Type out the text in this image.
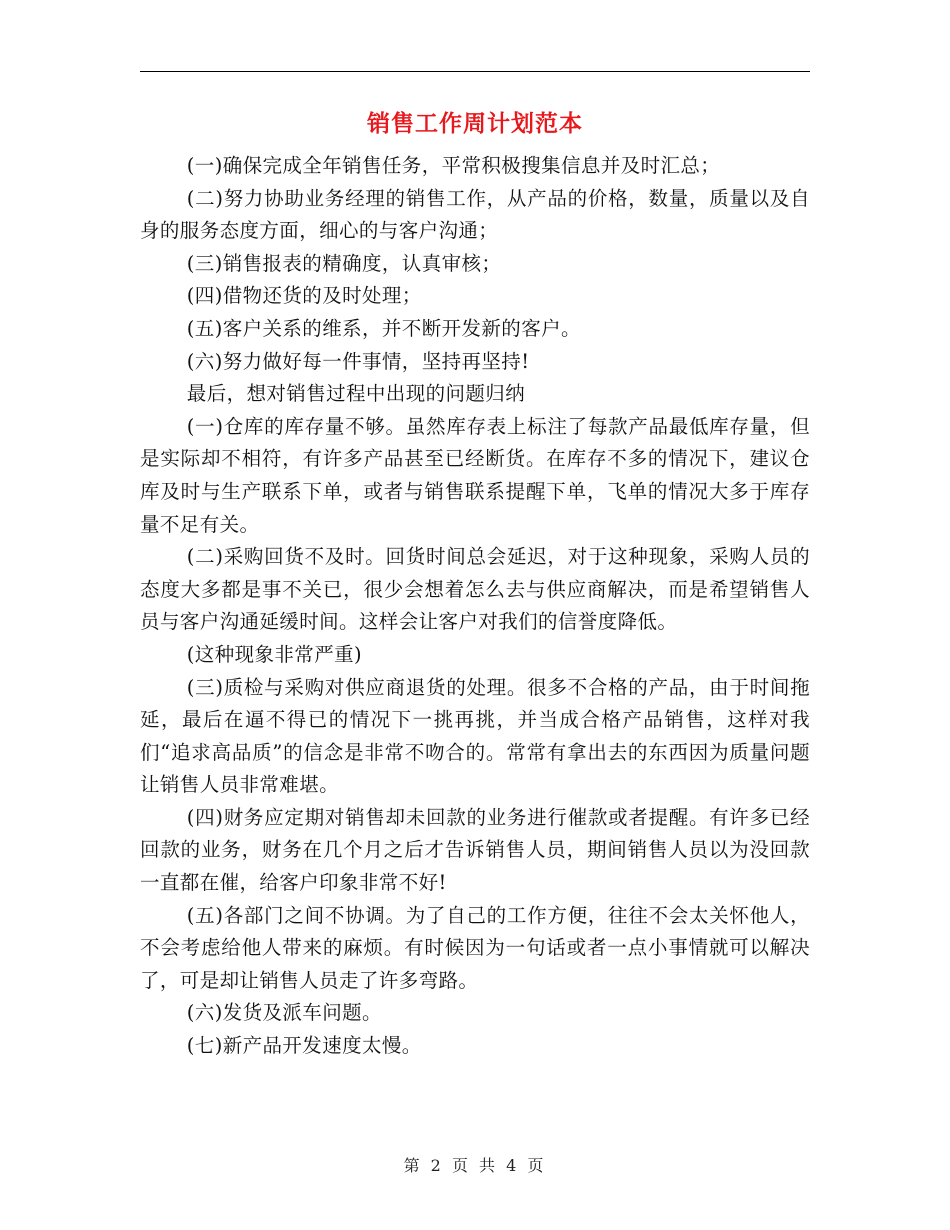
销售工作周计划范本

(一)确保完成全年销售任务，平常积极搜集信息并及时汇总；

(二)努力协助业务经理的销售工作，从产品的价格，数量，质量以及自身的服务态度方面，细心的与客户沟通；

(三)销售报表的精确度，认真审核；

(四)借物还货的及时处理；

(五)客户关系的维系，并不断开发新的客户。

(六)努力做好每一件事情，坚持再坚持!

最后，想对销售过程中出现的问题归纳

(一)仓库的库存量不够。虽然库存表上标注了每款产品最低库存量，但是实际却不相符，有许多产品甚至已经断货。在库存不多的情况下，建议仓库及时与生产联系下单，或者与销售联系提醒下单，飞单的情况大多于库存量不足有关。

(二)采购回货不及时。回货时间总会延迟，对于这种现象，采购人员的态度大多都是事不关已，很少会想着怎么去与供应商解决，而是希望销售人员与客户沟通延缓时间。这样会让客户对我们的信誉度降低。

(这种现象非常严重)

(三)质检与采购对供应商退货的处理。很多不合格的产品，由于时间拖延，最后在逼不得已的情况下一挑再挑，并当成合格产品销售，这样对我们“追求高品质”的信念是非常不吻合的。常常有拿出去的东西因为质量问题让销售人员非常难堪。

(四)财务应定期对销售却未回款的业务进行催款或者提醒。有许多已经回款的业务，财务在几个月之后才告诉销售人员，期间销售人员以为没回款一直都在催，给客户印象非常不好!

(五)各部门之间不协调。为了自己的工作方便，往往不会太关怀他人，不会考虑给他人带来的麻烦。有时候因为一句话或者一点小事情就可以解决了，可是却让销售人员走了许多弯路。

(六)发货及派车问题。

(七)新产品开发速度太慢。

第 2 页 共 4 页
